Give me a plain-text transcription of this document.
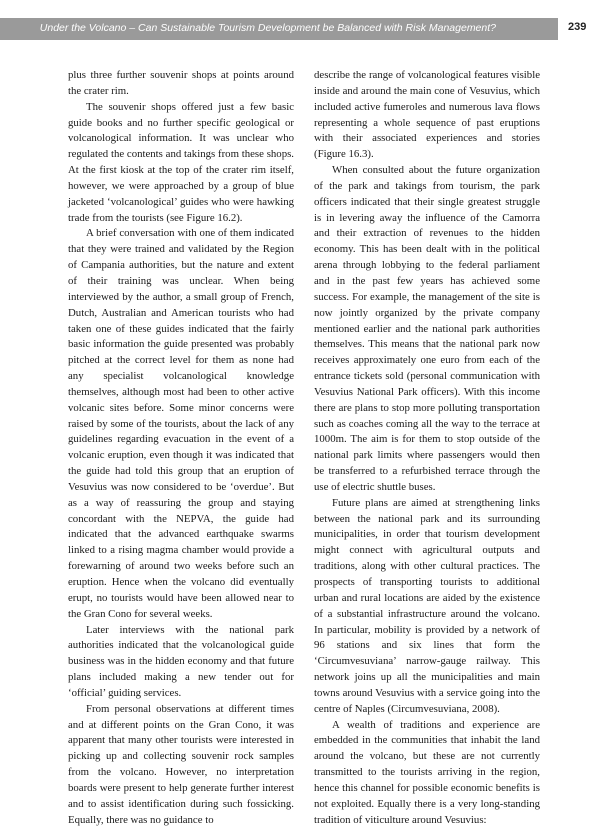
Under the Volcano – Can Sustainable Tourism Development be Balanced with Risk Management?	239

plus three further souvenir shops at points around the crater rim.

The souvenir shops offered just a few basic guide books and no further specific geological or volcanological information. It was unclear who regulated the contents and takings from these shops. At the first kiosk at the top of the crater rim itself, however, we were approached by a group of blue jacketed ‘volcanological’ guides who were hawking trade from the tourists (see Figure 16.2).

A brief conversation with one of them indicated that they were trained and validated by the Region of Campania authorities, but the nature and extent of their training was unclear. When being interviewed by the author, a small group of French, Dutch, Australian and American tourists who had taken one of these guides indicated that the fairly basic information the guide presented was probably pitched at the correct level for them as none had any specialist volcanological knowledge themselves, although most had been to other active volcanic sites before. Some minor concerns were raised by some of the tourists, about the lack of any guidelines regarding evacuation in the event of a volcanic eruption, even though it was indicated that the guide had told this group that an eruption of Vesuvius was now considered to be ‘overdue’. But as a way of reassuring the group and staying concordant with the NEPVA, the guide had indicated that the advanced earthquake swarms linked to a rising magma chamber would provide a forewarning of around two weeks before such an eruption. Hence when the volcano did eventually erupt, no tourists would have been allowed near to the Gran Cono for several weeks.

Later interviews with the national park authorities indicated that the volcanological guide business was in the hidden economy and that future plans included making a new tender out for ‘official’ guiding services.

From personal observations at different times and at different points on the Gran Cono, it was apparent that many other tourists were interested in picking up and collecting souvenir rock samples from the volcano. However, no interpretation boards were present to help generate further interest and to assist identification during such fossicking. Equally, there was no guidance to

describe the range of volcanological features visible inside and around the main cone of Vesuvius, which included active fumeroles and numerous lava flows representing a whole sequence of past eruptions with their associated experiences and stories (Figure 16.3).

When consulted about the future organization of the park and takings from tourism, the park officers indicated that their single greatest struggle is in levering away the influence of the Camorra and their extraction of revenues to the hidden economy. This has been dealt with in the political arena through lobbying to the federal parliament and in the past few years has achieved some success. For example, the management of the site is now jointly organized by the private company mentioned earlier and the national park authorities themselves. This means that the national park now receives approximately one euro from each of the entrance tickets sold (personal communication with Vesuvius National Park officers). With this income there are plans to stop more polluting transportation such as coaches coming all the way to the terrace at 1000m. The aim is for them to stop outside of the national park limits where passengers would then be transferred to a refurbished terrace through the use of electric shuttle buses.

Future plans are aimed at strengthening links between the national park and its surrounding municipalities, in order that tourism development might connect with agricultural outputs and traditions, along with other cultural practices. The prospects of transporting tourists to additional urban and rural locations are aided by the existence of a substantial infrastructure around the volcano. In particular, mobility is provided by a network of 96 stations and six lines that form the ‘Circumvesuviana’ narrow-gauge railway. This network joins up all the municipalities and main towns around Vesuvius with a service going into the centre of Naples (Circumvesuviana, 2008).

A wealth of traditions and experience are embedded in the communities that inhabit the land around the volcano, but these are not currently transmitted to the tourists arriving in the region, hence this channel for possible economic benefits is not exploited. Equally there is a very long-standing tradition of viticulture around Vesuvius:
